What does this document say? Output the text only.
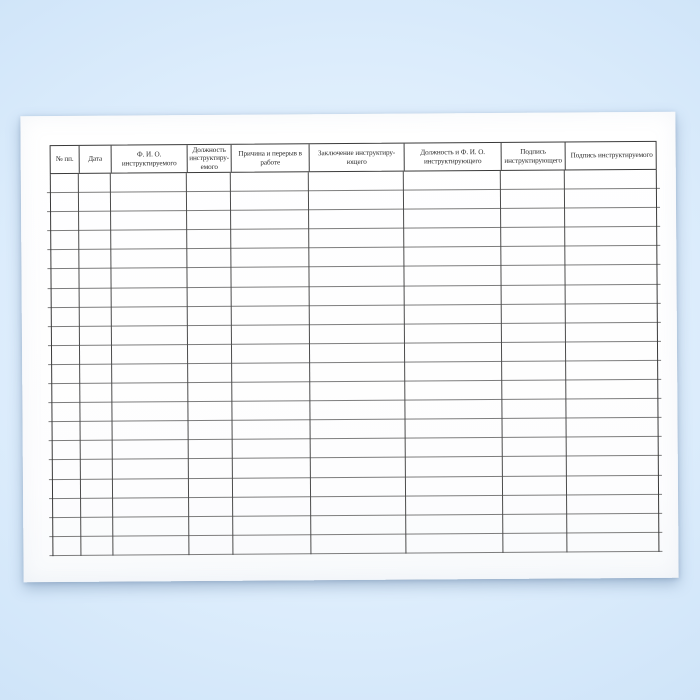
№ пп.	Дата
Ф. И. О. инструктируемого
Должность инструктируемого
Причина и перерыв в работе
Заключение инструктирующего
Должность и Ф. И. О. инструктирующего
Подпись инструктирующего
Подпись инструктируемого
